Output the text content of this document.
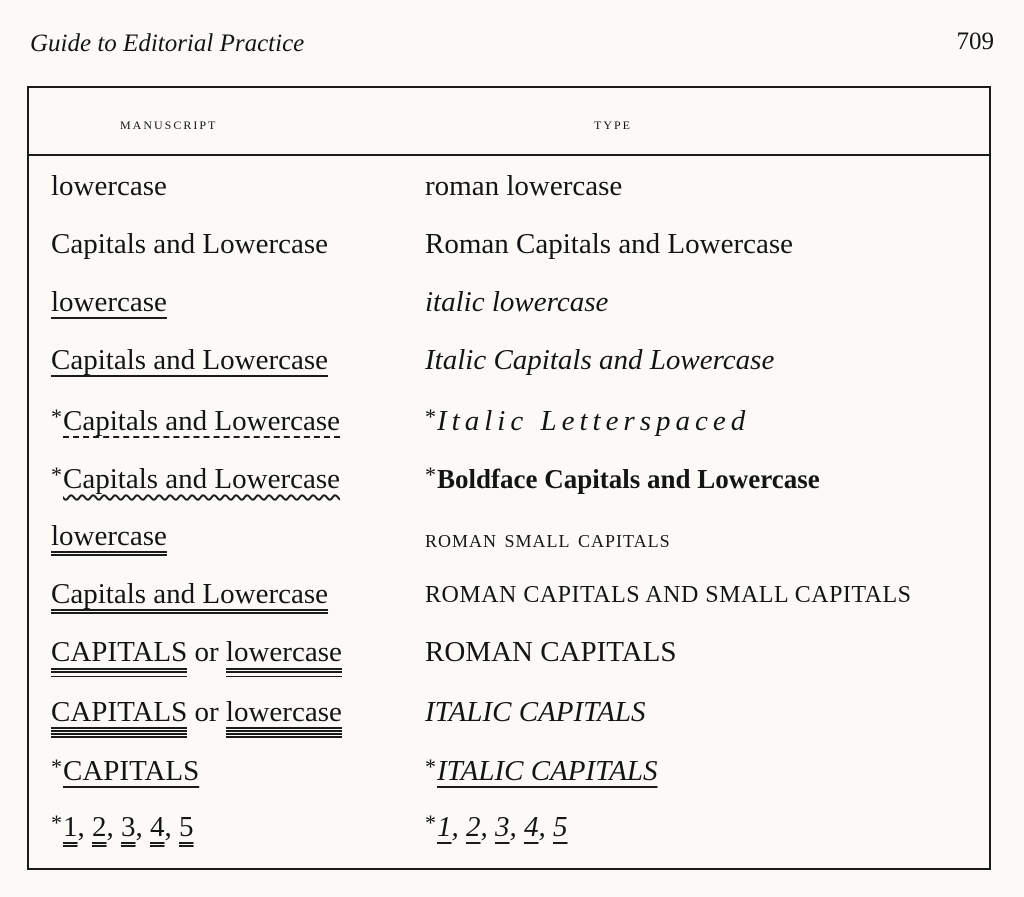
Guide to Editorial Practice	709
manuscript	type
lowercase	roman lowercase
Capitals and Lowercase	Roman Capitals and Lowercase
lowercase	italic lowercase
Capitals and Lowercase	Italic Capitals and Lowercase
*Capitals and Lowercase	*Italic Letterspaced
*Capitals and Lowercase	*Boldface Capitals and Lowercase
lowercase	roman small capitals
Capitals and Lowercase	ROMAN CAPITALS AND SMALL CAPITALS
CAPITALS or lowercase	ROMAN CAPITALS
CAPITALS or lowercase	ITALIC CAPITALS
*CAPITALS	*ITALIC CAPITALS
*1, 2, 3, 4, 5	*1, 2, 3, 4, 5
